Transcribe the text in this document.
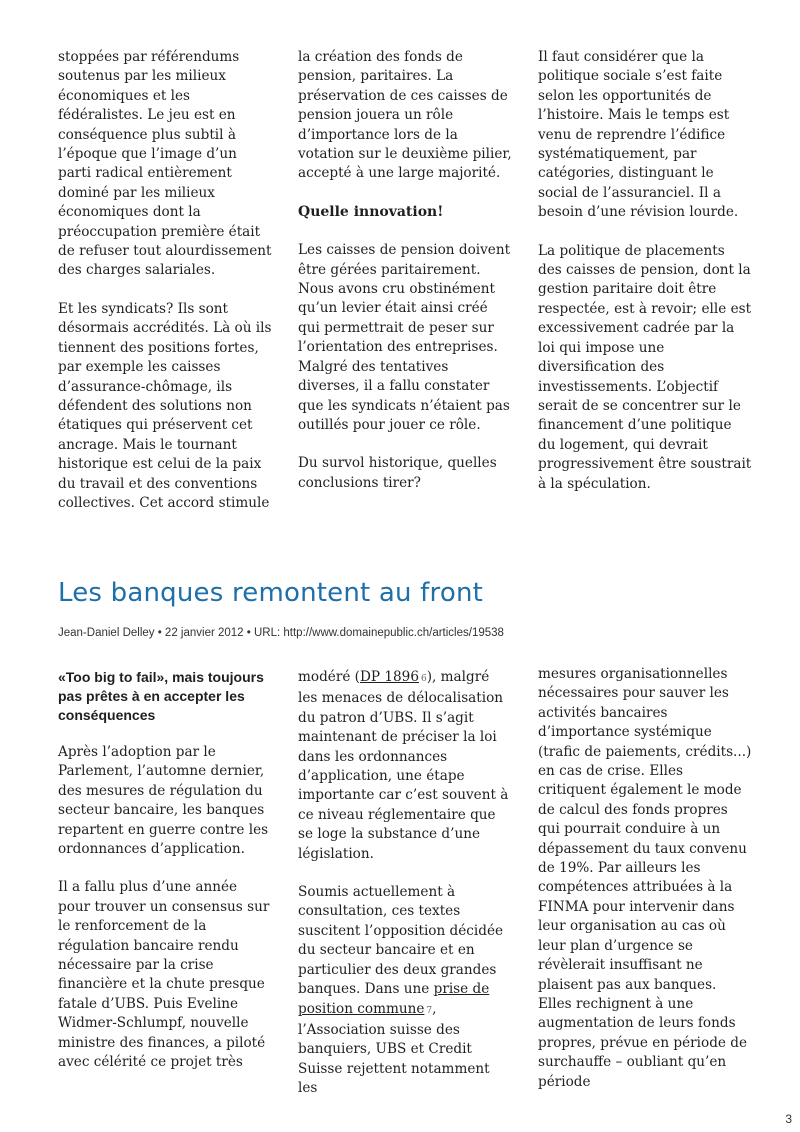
stoppées par référendums soutenus par les milieux économiques et les fédéralistes. Le jeu est en conséquence plus subtil à l’époque que l’image d’un parti radical entièrement dominé par les milieux économiques dont la préoccupation première était de refuser tout alourdissement des charges salariales.

Et les syndicats? Ils sont désormais accrédités. Là où ils tiennent des positions fortes, par exemple les caisses d’assurance-chômage, ils défendent des solutions non étatiques qui préservent cet ancrage. Mais le tournant historique est celui de la paix du travail et des conventions collectives. Cet accord stimule

la création des fonds de pension, paritaires. La préservation de ces caisses de pension jouera un rôle d’importance lors de la votation sur le deuxième pilier, accepté à une large majorité.

Quelle innovation!

Les caisses de pension doivent être gérées paritairement. Nous avons cru obstinément qu’un levier était ainsi créé qui permettrait de peser sur l’orientation des entreprises. Malgré des tentatives diverses, il a fallu constater que les syndicats n’étaient pas outillés pour jouer ce rôle.

Du survol historique, quelles conclusions tirer?

Il faut considérer que la politique sociale s’est faite selon les opportunités de l’histoire. Mais le temps est venu de reprendre l’édifice systématiquement, par catégories, distinguant le social de l’assuranciel. Il a besoin d’une révision lourde.

La politique de placements des caisses de pension, dont la gestion paritaire doit être respectée, est à revoir; elle est excessivement cadrée par la loi qui impose une diversification des investissements. L’objectif serait de se concentrer sur le financement d’une politique du logement, qui devrait progressivement être soustrait à la spéculation.

Les banques remontent au front
Jean-Daniel Delley • 22 janvier 2012 • URL: http://www.domainepublic.ch/articles/19538
«Too big to fail», mais toujours pas prêtes à en accepter les conséquences

Après l’adoption par le Parlement, l’automne dernier, des mesures de régulation du secteur bancaire, les banques repartent en guerre contre les ordonnances d’application.

Il a fallu plus d’une année pour trouver un consensus sur le renforcement de la régulation bancaire rendu nécessaire par la crise financière et la chute presque fatale d’UBS. Puis Eveline Widmer-Schlumpf, nouvelle ministre des finances, a piloté avec célérité ce projet très

modéré (DP 1896 6), malgré les menaces de délocalisation du patron d’UBS. Il s’agit maintenant de préciser la loi dans les ordonnances d’application, une étape importante car c’est souvent à ce niveau réglementaire que se loge la substance d’une législation.

Soumis actuellement à consultation, ces textes suscitent l’opposition décidée du secteur bancaire et en particulier des deux grandes banques. Dans une prise de position commune 7, l’Association suisse des banquiers, UBS et Credit Suisse rejettent notamment les

mesures organisationnelles nécessaires pour sauver les activités bancaires d’importance systémique (trafic de paiements, crédits...) en cas de crise. Elles critiquent également le mode de calcul des fonds propres qui pourrait conduire à un dépassement du taux convenu de 19%. Par ailleurs les compétences attribuées à la FINMA pour intervenir dans leur organisation au cas où leur plan d’urgence se révèlerait insuffisant ne plaisent pas aux banques. Elles rechignent à une augmentation de leurs fonds propres, prévue en période de surchauffe – oubliant qu’en période

3
